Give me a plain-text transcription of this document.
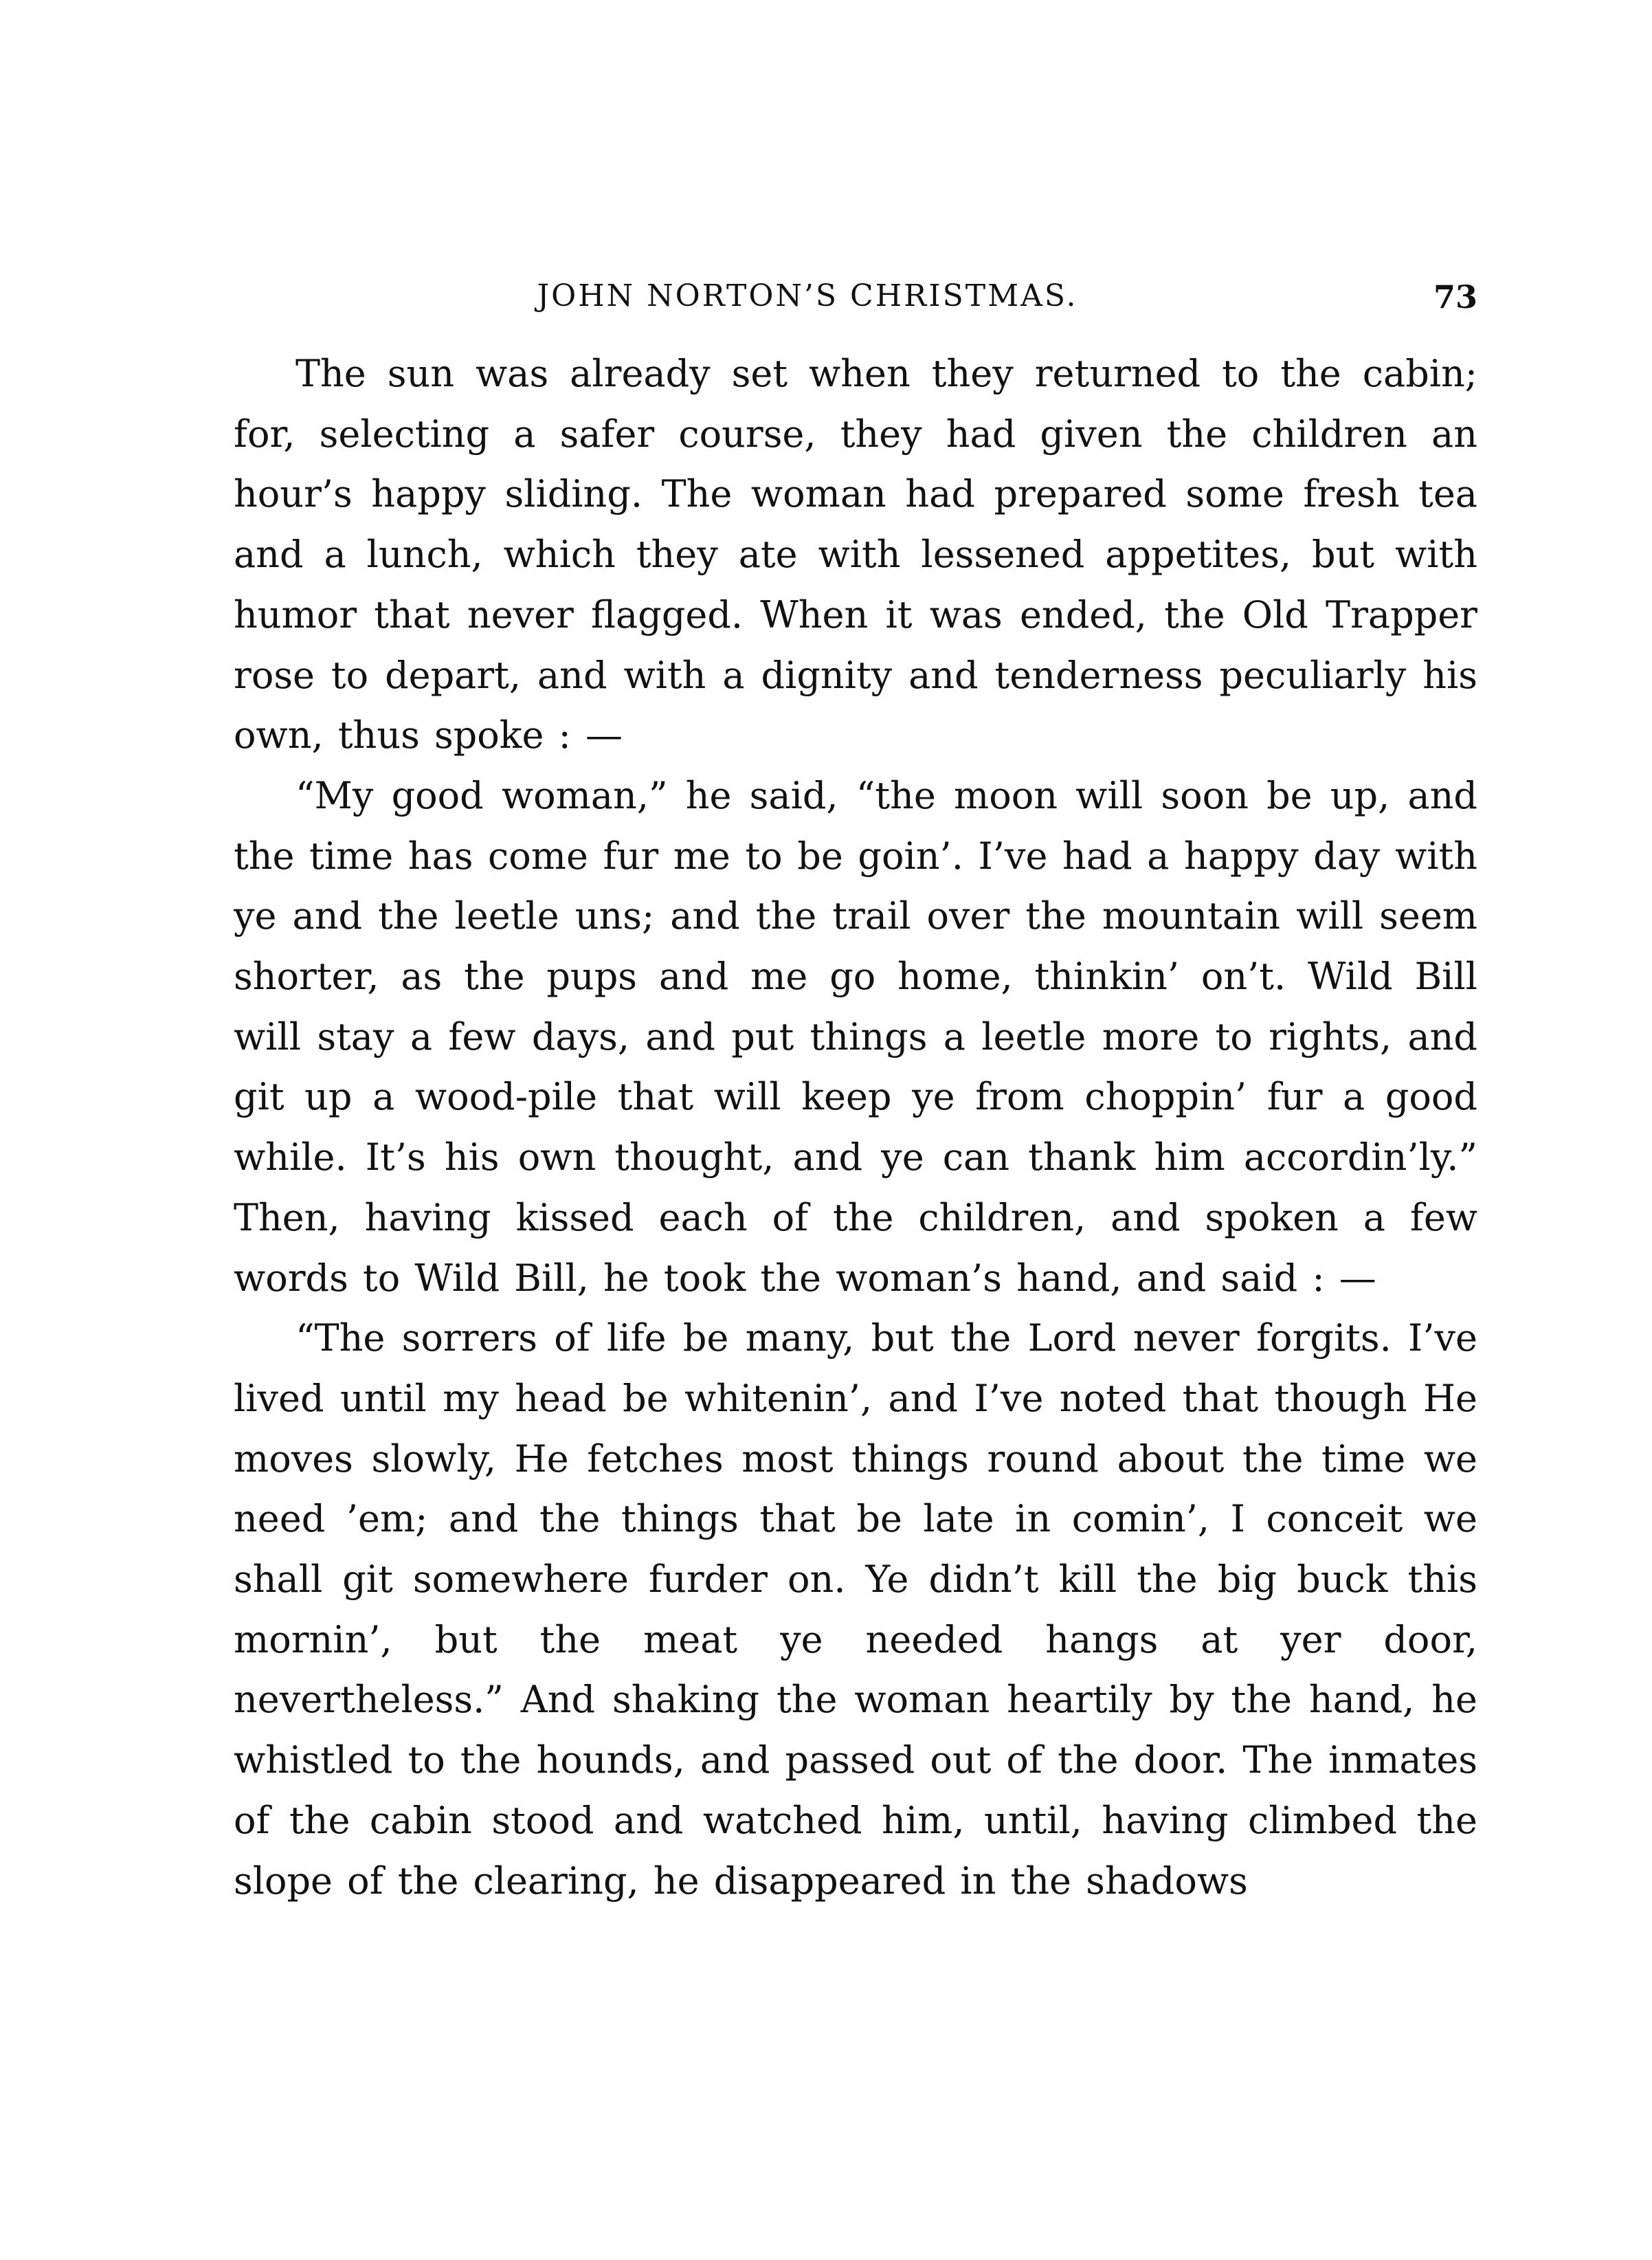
JOHN NORTON’S CHRISTMAS.	73

The sun was already set when they returned to the cabin; for, selecting a safer course, they had given the children an hour’s happy sliding. The woman had prepared some fresh tea and a lunch, which they ate with lessened appetites, but with humor that never flagged. When it was ended, the Old Trapper rose to depart, and with a dignity and tenderness peculiarly his own, thus spoke : —

“My good woman,” he said, “the moon will soon be up, and the time has come fur me to be goin’. I’ve had a happy day with ye and the leetle uns; and the trail over the mountain will seem shorter, as the pups and me go home, thinkin’ on’t. Wild Bill will stay a few days, and put things a leetle more to rights, and git up a wood-pile that will keep ye from choppin’ fur a good while. It’s his own thought, and ye can thank him accordin’ly.” Then, having kissed each of the children, and spoken a few words to Wild Bill, he took the woman’s hand, and said : —

“The sorrers of life be many, but the Lord never forgits. I’ve lived until my head be whitenin’, and I’ve noted that though He moves slowly, He fetches most things round about the time we need ’em; and the things that be late in comin’, I conceit we shall git somewhere furder on. Ye didn’t kill the big buck this mornin’, but the meat ye needed hangs at yer door, nevertheless.” And shaking the woman heartily by the hand, he whistled to the hounds, and passed out of the door. The inmates of the cabin stood and watched him, until, having climbed the slope of the clearing, he disappeared in the shadows
